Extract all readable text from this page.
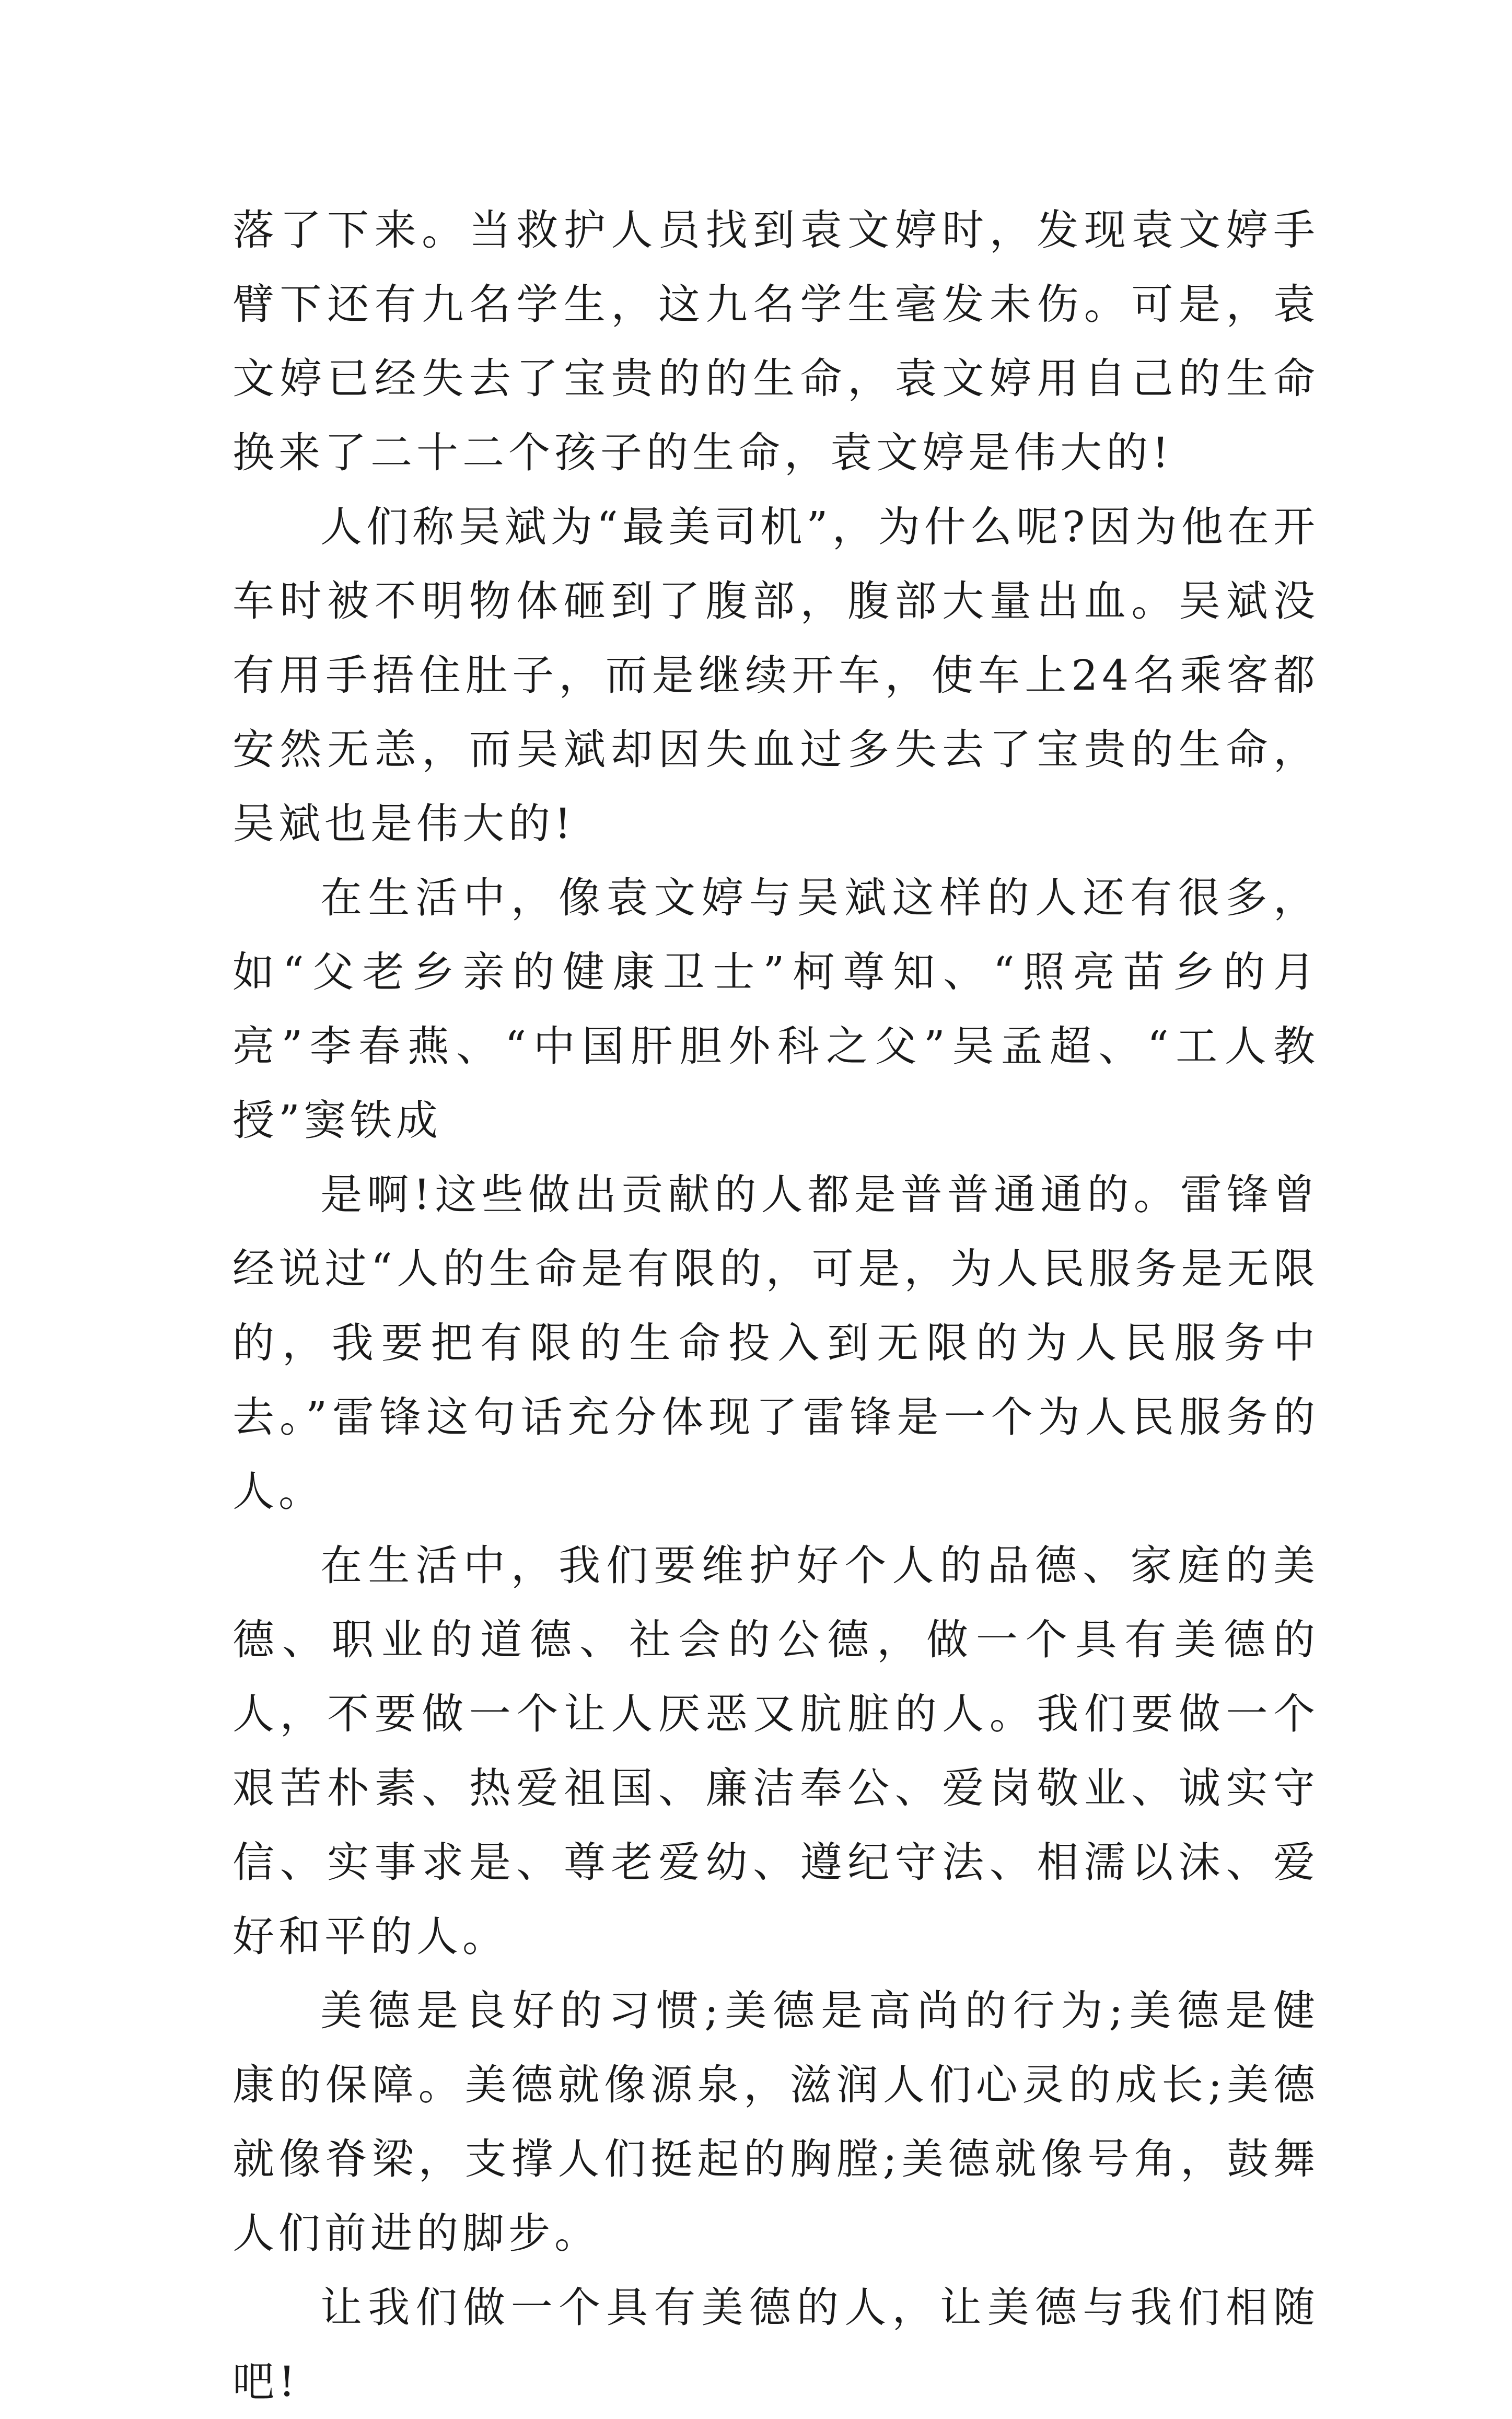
落了下来。当救护人员找到袁文婷时，发现袁文婷手臂下还有九名学生，这九名学生毫发未伤。可是，袁文婷已经失去了宝贵的的生命，袁文婷用自己的生命换来了二十二个孩子的生命，袁文婷是伟大的!

人们称吴斌为“最美司机”，为什么呢?因为他在开车时被不明物体砸到了腹部，腹部大量出血。吴斌没有用手捂住肚子，而是继续开车，使车上24名乘客都安然无恙，而吴斌却因失血过多失去了宝贵的生命，吴斌也是伟大的!

在生活中，像袁文婷与吴斌这样的人还有很多，如“父老乡亲的健康卫士”柯尊知、“照亮苗乡的月亮”李春燕、“中国肝胆外科之父”吴孟超、“工人教授”窦铁成

是啊!这些做出贡献的人都是普普通通的。雷锋曾经说过“人的生命是有限的，可是，为人民服务是无限的，我要把有限的生命投入到无限的为人民服务中去。”雷锋这句话充分体现了雷锋是一个为人民服务的人。

在生活中，我们要维护好个人的品德、家庭的美德、职业的道德、社会的公德，做一个具有美德的人，不要做一个让人厌恶又肮脏的人。我们要做一个艰苦朴素、热爱祖国、廉洁奉公、爱岗敬业、诚实守信、实事求是、尊老爱幼、遵纪守法、相濡以沫、爱好和平的人。

美德是良好的习惯;美德是高尚的行为;美德是健康的保障。美德就像源泉，滋润人们心灵的成长;美德就像脊梁，支撑人们挺起的胸膛;美德就像号角，鼓舞人们前进的脚步。

让我们做一个具有美德的人，让美德与我们相随吧!
